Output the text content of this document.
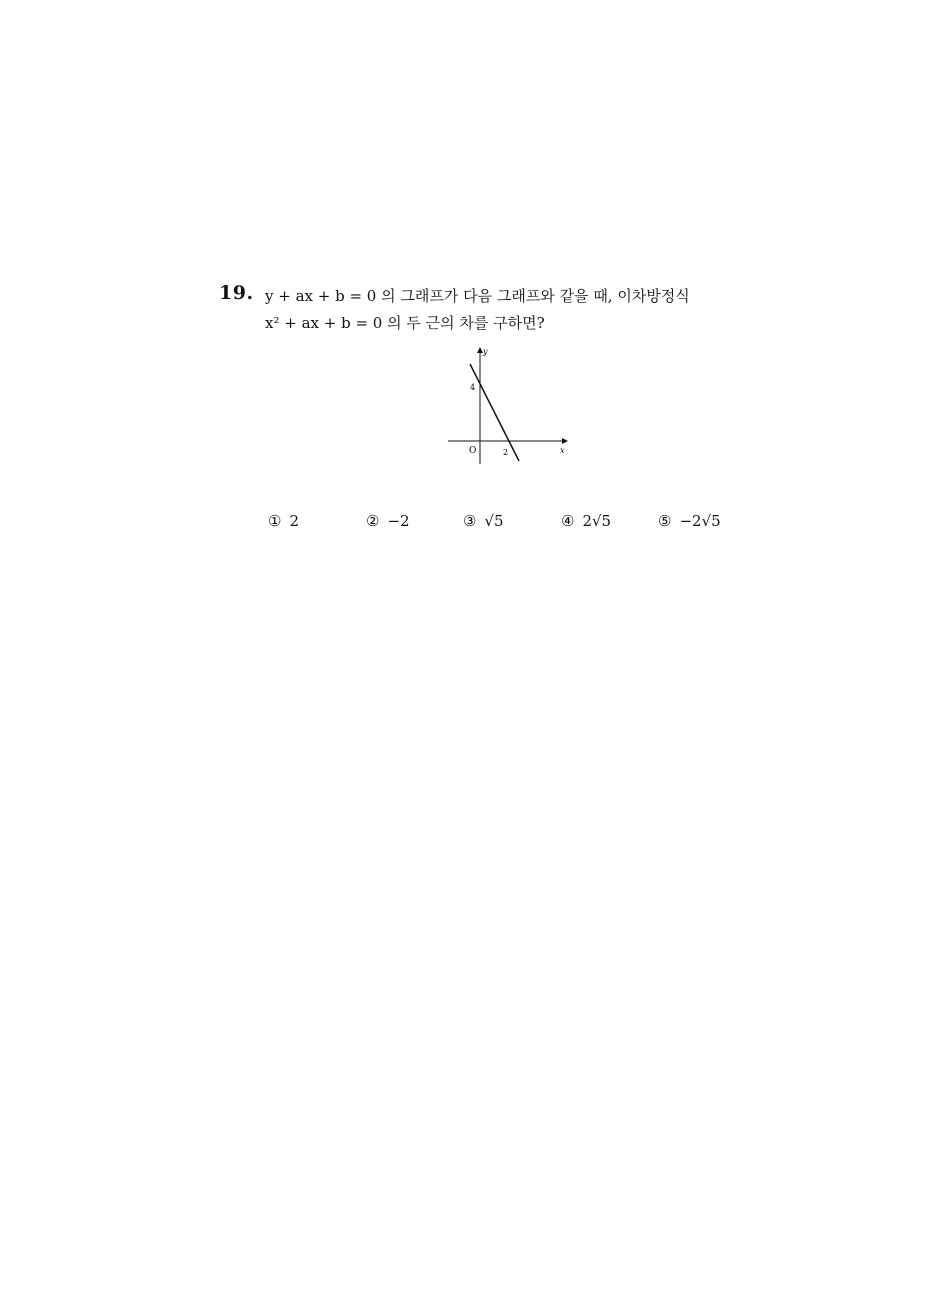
19. y + ax + b = 0 의 그래프가 다음 그래프와 같을 때, 이차방정식
x² + ax + b = 0 의 두 근의 차를 구하면?
y
x
O
4
2
① 2	② −2	③ √5	④ 2√5	⑤ −2√5
